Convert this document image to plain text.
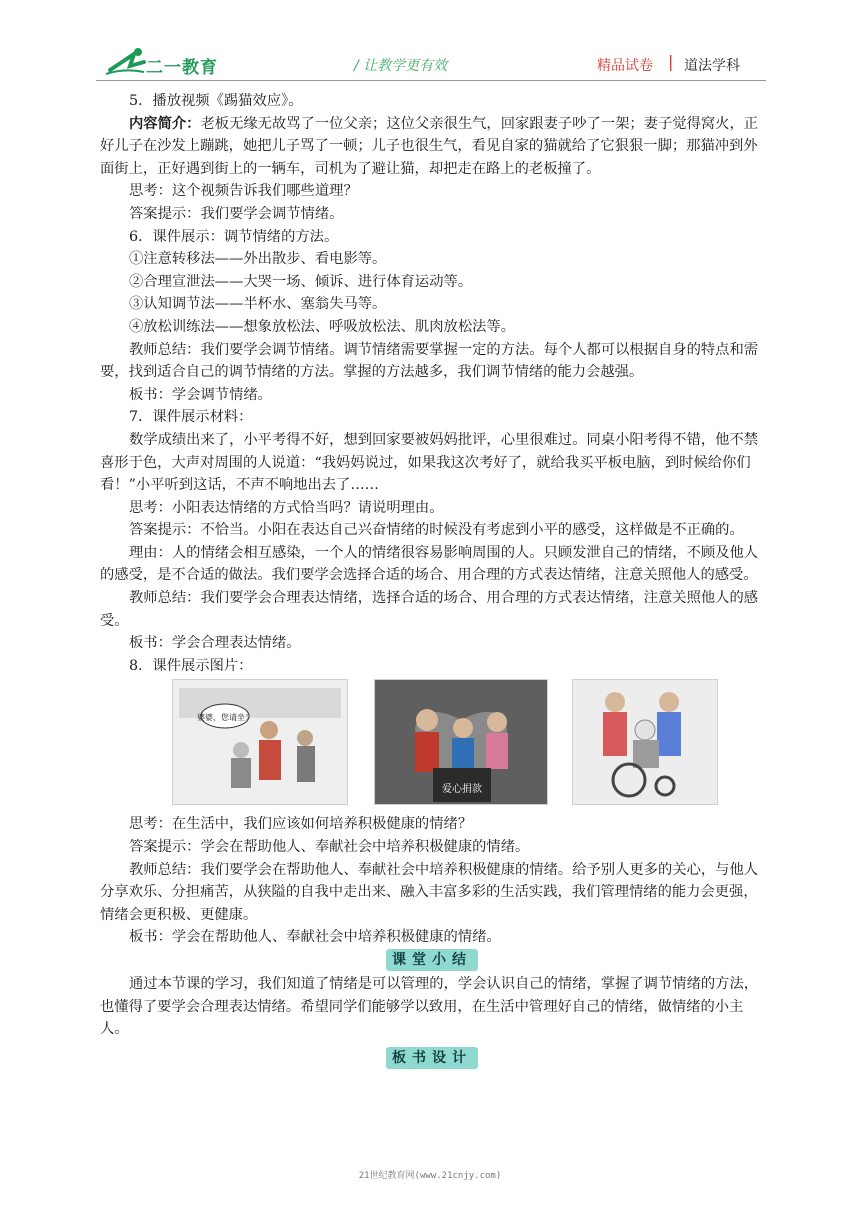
二一教育	/ 让教学更有效	精品试卷 | 道法学科

5．播放视频《踢猫效应》。

内容简介：老板无缘无故骂了一位父亲；这位父亲很生气，回家跟妻子吵了一架；妻子觉得窝火，正好儿子在沙发上蹦跳，她把儿子骂了一顿；儿子也很生气，看见自家的猫就给了它狠狠一脚；那猫冲到外面街上，正好遇到街上的一辆车，司机为了避让猫，却把走在路上的老板撞了。

思考：这个视频告诉我们哪些道理？

答案提示：我们要学会调节情绪。

6．课件展示：调节情绪的方法。

①注意转移法——外出散步、看电影等。

②合理宣泄法——大哭一场、倾诉、进行体育运动等。

③认知调节法——半杯水、塞翁失马等。

④放松训练法——想象放松法、呼吸放松法、肌肉放松法等。

教师总结：我们要学会调节情绪。调节情绪需要掌握一定的方法。每个人都可以根据自身的特点和需要，找到适合自己的调节情绪的方法。掌握的方法越多，我们调节情绪的能力会越强。

板书：学会调节情绪。

7．课件展示材料：

数学成绩出来了，小平考得不好，想到回家要被妈妈批评，心里很难过。同桌小阳考得不错，他不禁喜形于色，大声对周围的人说道：“我妈妈说过，如果我这次考好了，就给我买平板电脑，到时候给你们看！”小平听到这话，不声不响地出去了……

思考：小阳表达情绪的方式恰当吗？请说明理由。

答案提示：不恰当。小阳在表达自己兴奋情绪的时候没有考虑到小平的感受，这样做是不正确的。

理由：人的情绪会相互感染，一个人的情绪很容易影响周围的人。只顾发泄自己的情绪，不顾及他人的感受，是不合适的做法。我们要学会选择合适的场合、用合理的方式表达情绪，注意关照他人的感受。

教师总结：我们要学会合理表达情绪，选择合适的场合、用合理的方式表达情绪，注意关照他人的感受。

板书：学会合理表达情绪。

8．课件展示图片：

婆婆，您请坐！
爱心捐款

思考：在生活中，我们应该如何培养积极健康的情绪？

答案提示：学会在帮助他人、奉献社会中培养积极健康的情绪。

教师总结：我们要学会在帮助他人、奉献社会中培养积极健康的情绪。给予别人更多的关心，与他人分享欢乐、分担痛苦，从狭隘的自我中走出来、融入丰富多彩的生活实践，我们管理情绪的能力会更强，情绪会更积极、更健康。

板书：学会在帮助他人、奉献社会中培养积极健康的情绪。

课堂小结

通过本节课的学习，我们知道了情绪是可以管理的，学会认识自己的情绪，掌握了调节情绪的方法，也懂得了要学会合理表达情绪。希望同学们能够学以致用，在生活中管理好自己的情绪，做情绪的小主人。

板书设计
21世纪教育网(www.21cnjy.com)
